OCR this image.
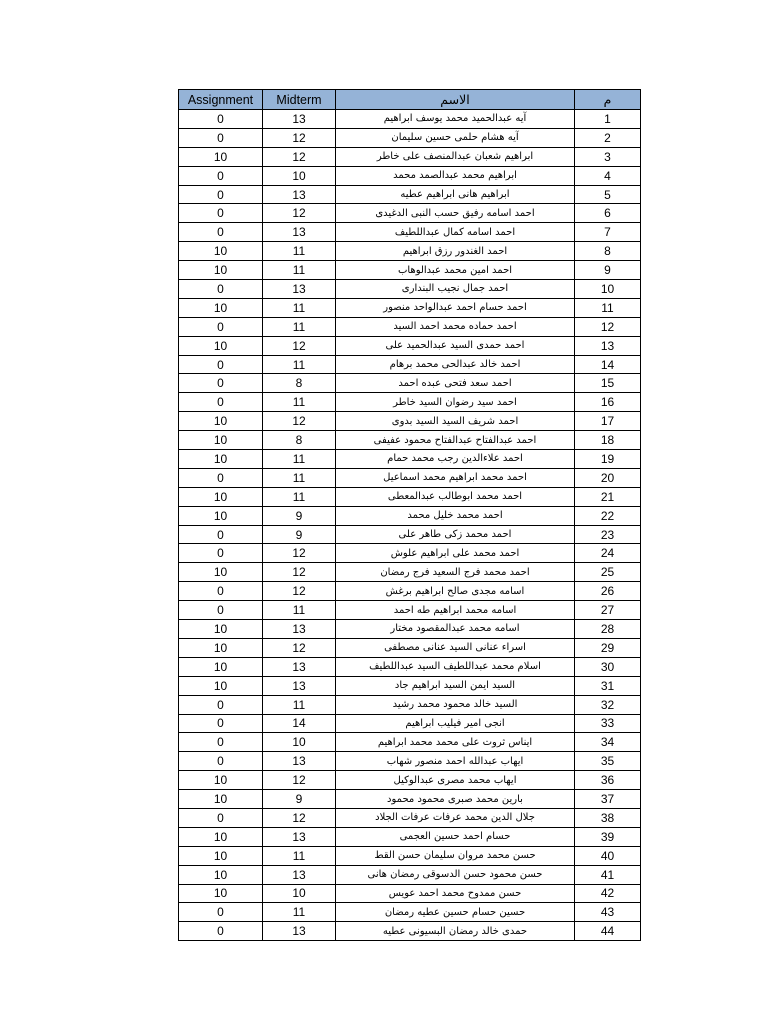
Assignment	Midterm	الاسم	م
0	13	آيه عبدالحميد محمد يوسف ابراهيم	1
0	12	آيه هشام حلمى حسين سليمان	2
10	12	ابراهيم شعبان عبدالمنصف على خاطر	3
0	10	ابراهيم محمد عبدالصمد محمد	4
0	13	ابراهيم هانى ابراهيم عطيه	5
0	12	احمد اسامه رفيق حسب النبى الدغيدى	6
0	13	احمد اسامه كمال عبداللطيف	7
10	11	احمد الغندور رزق ابراهيم	8
10	11	احمد امين محمد عبدالوهاب	9
0	13	احمد جمال نجيب البندارى	10
10	11	احمد حسام احمد عبدالواحد منصور	11
0	11	احمد حماده محمد احمد السيد	12
10	12	احمد حمدى السيد عبدالحميد على	13
0	11	احمد خالد عبدالحى محمد برهام	14
0	8	احمد سعد فتحى عبده احمد	15
0	11	احمد سيد رضوان السيد خاطر	16
10	12	احمد شريف السيد السيد بدوى	17
10	8	احمد عبدالفتاح عبدالفتاح محمود عفيفى	18
10	11	احمد علاءالدين رجب محمد حمام	19
0	11	احمد محمد ابراهيم محمد اسماعيل	20
10	11	احمد محمد ابوطالب عبدالمعطى	21
10	9	احمد محمد خليل محمد	22
0	9	احمد محمد زكى طاهر على	23
0	12	احمد محمد على ابراهيم علوش	24
10	12	احمد محمد فرج السعيد فرج رمضان	25
0	12	اسامه مجدى صالح ابراهيم برغش	26
0	11	اسامه محمد ابراهيم طه احمد	27
10	13	اسامه محمد عبدالمقصود مختار	28
10	12	اسراء عنانى السيد عنانى مصطفى	29
10	13	اسلام محمد عبداللطيف السيد عبداللطيف	30
10	13	السيد ايمن السيد ابراهيم جاد	31
0	11	السيد خالد محمود محمد رشيد	32
0	14	انجى امير فيليب ابراهيم	33
0	10	ايناس ثروت على محمد محمد ابراهيم	34
0	13	ايهاب عبدالله احمد منصور شهاب	35
10	12	ايهاب محمد مصرى عبدالوكيل	36
10	9	بارين محمد صبرى محمود محمود	37
0	12	جلال الدين محمد عرفات عرفات الجلاد	38
10	13	حسام احمد حسين العجمى	39
10	11	حسن محمد مروان سليمان حسن القط	40
10	13	حسن محمود حسن الدسوقى رمضان هانى	41
10	10	حسن ممدوح محمد احمد عويس	42
0	11	حسين حسام حسين عطيه رمضان	43
0	13	حمدى خالد رمضان البسيونى عطيه	44
